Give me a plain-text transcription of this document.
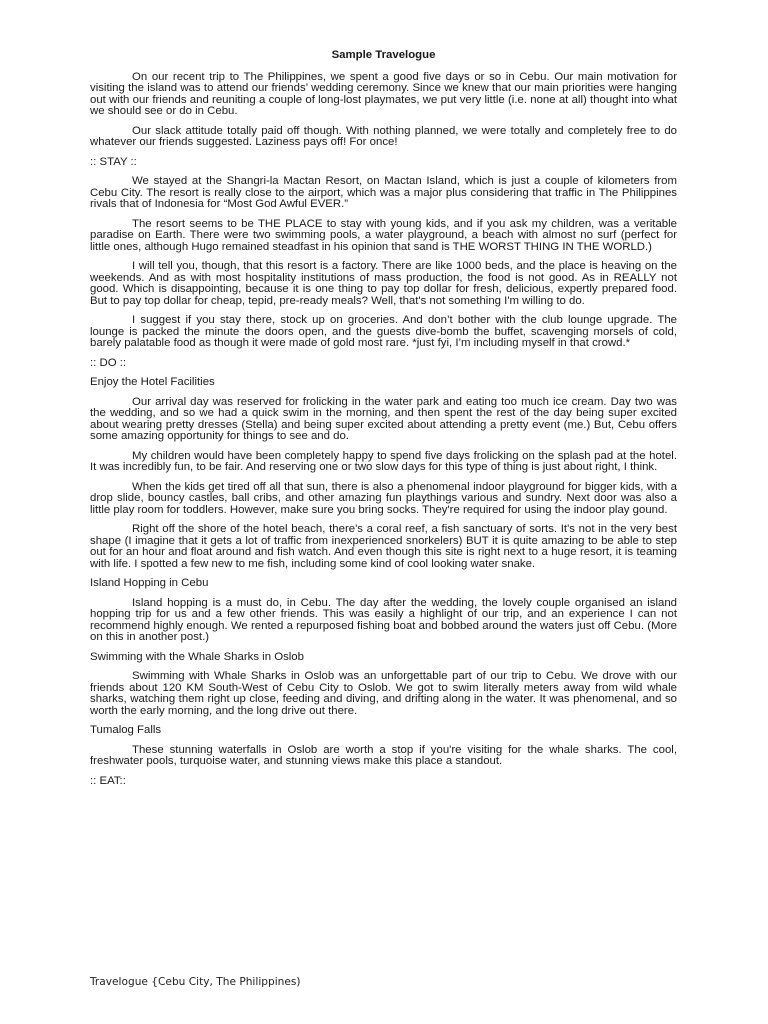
Sample Travelogue
On our recent trip to The Philippines, we spent a good five days or so in Cebu. Our main motivation for visiting the island was to attend our friends’ wedding ceremony. Since we knew that our main priorities were hanging out with our friends and reuniting a couple of long-lost playmates, we put very little (i.e. none at all) thought into what we should see or do in Cebu.
Our slack attitude totally paid off though. With nothing planned, we were totally and completely free to do whatever our friends suggested. Laziness pays off! For once!
:: STAY ::
We stayed at the Shangri-la Mactan Resort, on Mactan Island, which is just a couple of kilometers from Cebu City. The resort is really close to the airport, which was a major plus considering that traffic in The Philippines rivals that of Indonesia for “Most God Awful EVER.”
The resort seems to be THE PLACE to stay with young kids, and if you ask my children, was a veritable paradise on Earth. There were two swimming pools, a water playground, a beach with almost no surf (perfect for little ones, although Hugo remained steadfast in his opinion that sand is THE WORST THING IN THE WORLD.)
I will tell you, though, that this resort is a factory. There are like 1000 beds, and the place is heaving on the weekends. And as with most hospitality institutions of mass production, the food is not good. As in REALLY not good. Which is disappointing, because it is one thing to pay top dollar for fresh, delicious, expertly prepared food. But to pay top dollar for cheap, tepid, pre-ready meals? Well, that's not something I'm willing to do.
I suggest if you stay there, stock up on groceries. And don’t bother with the club lounge upgrade. The lounge is packed the minute the doors open, and the guests dive-bomb the buffet, scavenging morsels of cold, barely palatable food as though it were made of gold most rare. *just fyi, I’m including myself in that crowd.*
:: DO ::
Enjoy the Hotel Facilities
Our arrival day was reserved for frolicking in the water park and eating too much ice cream. Day two was the wedding, and so we had a quick swim in the morning, and then spent the rest of the day being super excited about wearing pretty dresses (Stella) and being super excited about attending a pretty event (me.) But, Cebu offers some amazing opportunity for things to see and do.
My children would have been completely happy to spend five days frolicking on the splash pad at the hotel. It was incredibly fun, to be fair. And reserving one or two slow days for this type of thing is just about right, I think.
When the kids get tired off all that sun, there is also a phenomenal indoor playground for bigger kids, with a drop slide, bouncy castles, ball cribs, and other amazing fun playthings various and sundry. Next door was also a little play room for toddlers. However, make sure you bring socks. They're required for using the indoor play gound.
Right off the shore of the hotel beach, there's a coral reef, a fish sanctuary of sorts. It's not in the very best shape (I imagine that it gets a lot of traffic from inexperienced snorkelers) BUT it is quite amazing to be able to step out for an hour and float around and fish watch. And even though this site is right next to a huge resort, it is teaming with life. I spotted a few new to me fish, including some kind of cool looking water snake.
Island Hopping in Cebu
Island hopping is a must do, in Cebu. The day after the wedding, the lovely couple organised an island hopping trip for us and a few other friends. This was easily a highlight of our trip, and an experience I can not recommend highly enough. We rented a repurposed fishing boat and bobbed around the waters just off Cebu. (More on this in another post.)
Swimming with the Whale Sharks in Oslob
Swimming with Whale Sharks in Oslob was an unforgettable part of our trip to Cebu. We drove with our friends about 120 KM South-West of Cebu City to Oslob. We got to swim literally meters away from wild whale sharks, watching them right up close, feeding and diving, and drifting along in the water. It was phenomenal, and so worth the early morning, and the long drive out there.
Tumalog Falls
These stunning waterfalls in Oslob are worth a stop if you're visiting for the whale sharks. The cool, freshwater pools, turquoise water, and stunning views make this place a standout.
:: EAT::
Travelogue {Cebu City, The Philippines)
